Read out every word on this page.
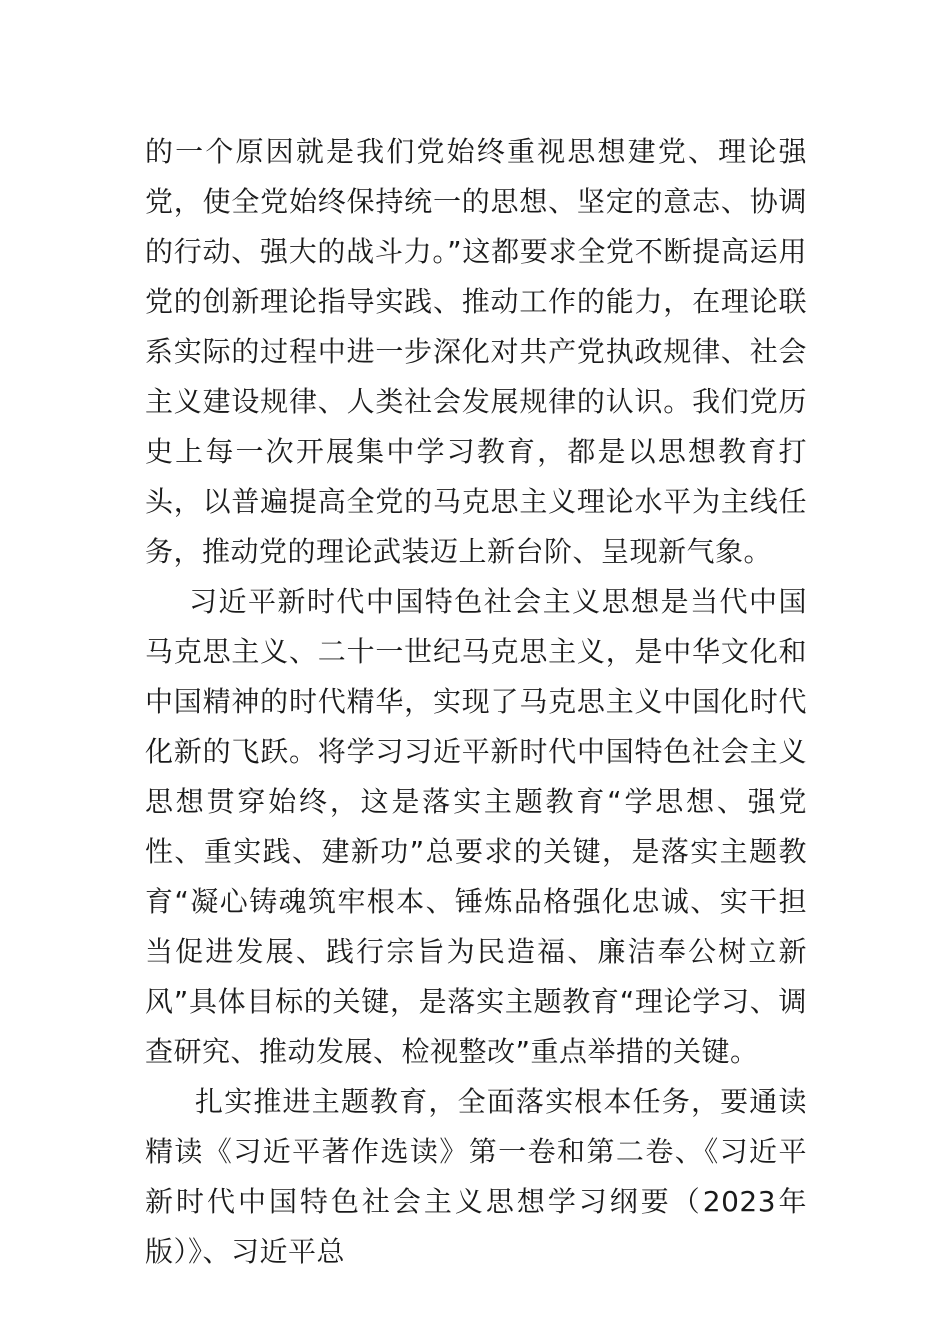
的一个原因就是我们党始终重视思想建党、理论强党，使全党始终保持统一的思想、坚定的意志、协调的行动、强大的战斗力。”这都要求全党不断提高运用党的创新理论指导实践、推动工作的能力，在理论联系实际的过程中进一步深化对共产党执政规律、社会主义建设规律、人类社会发展规律的认识。我们党历史上每一次开展集中学习教育，都是以思想教育打头，以普遍提高全党的马克思主义理论水平为主线任务，推动党的理论武装迈上新台阶、呈现新气象。

习近平新时代中国特色社会主义思想是当代中国马克思主义、二十一世纪马克思主义，是中华文化和中国精神的时代精华，实现了马克思主义中国化时代化新的飞跃。将学习习近平新时代中国特色社会主义思想贯穿始终，这是落实主题教育“学思想、强党性、重实践、建新功”总要求的关键，是落实主题教育“凝心铸魂筑牢根本、锤炼品格强化忠诚、实干担当促进发展、践行宗旨为民造福、廉洁奉公树立新风”具体目标的关键，是落实主题教育“理论学习、调查研究、推动发展、检视整改”重点举措的关键。

扎实推进主题教育，全面落实根本任务，要通读精读《习近平著作选读》第一卷和第二卷、《习近平新时代中国特色社会主义思想学习纲要（2023年版）》、习近平总
